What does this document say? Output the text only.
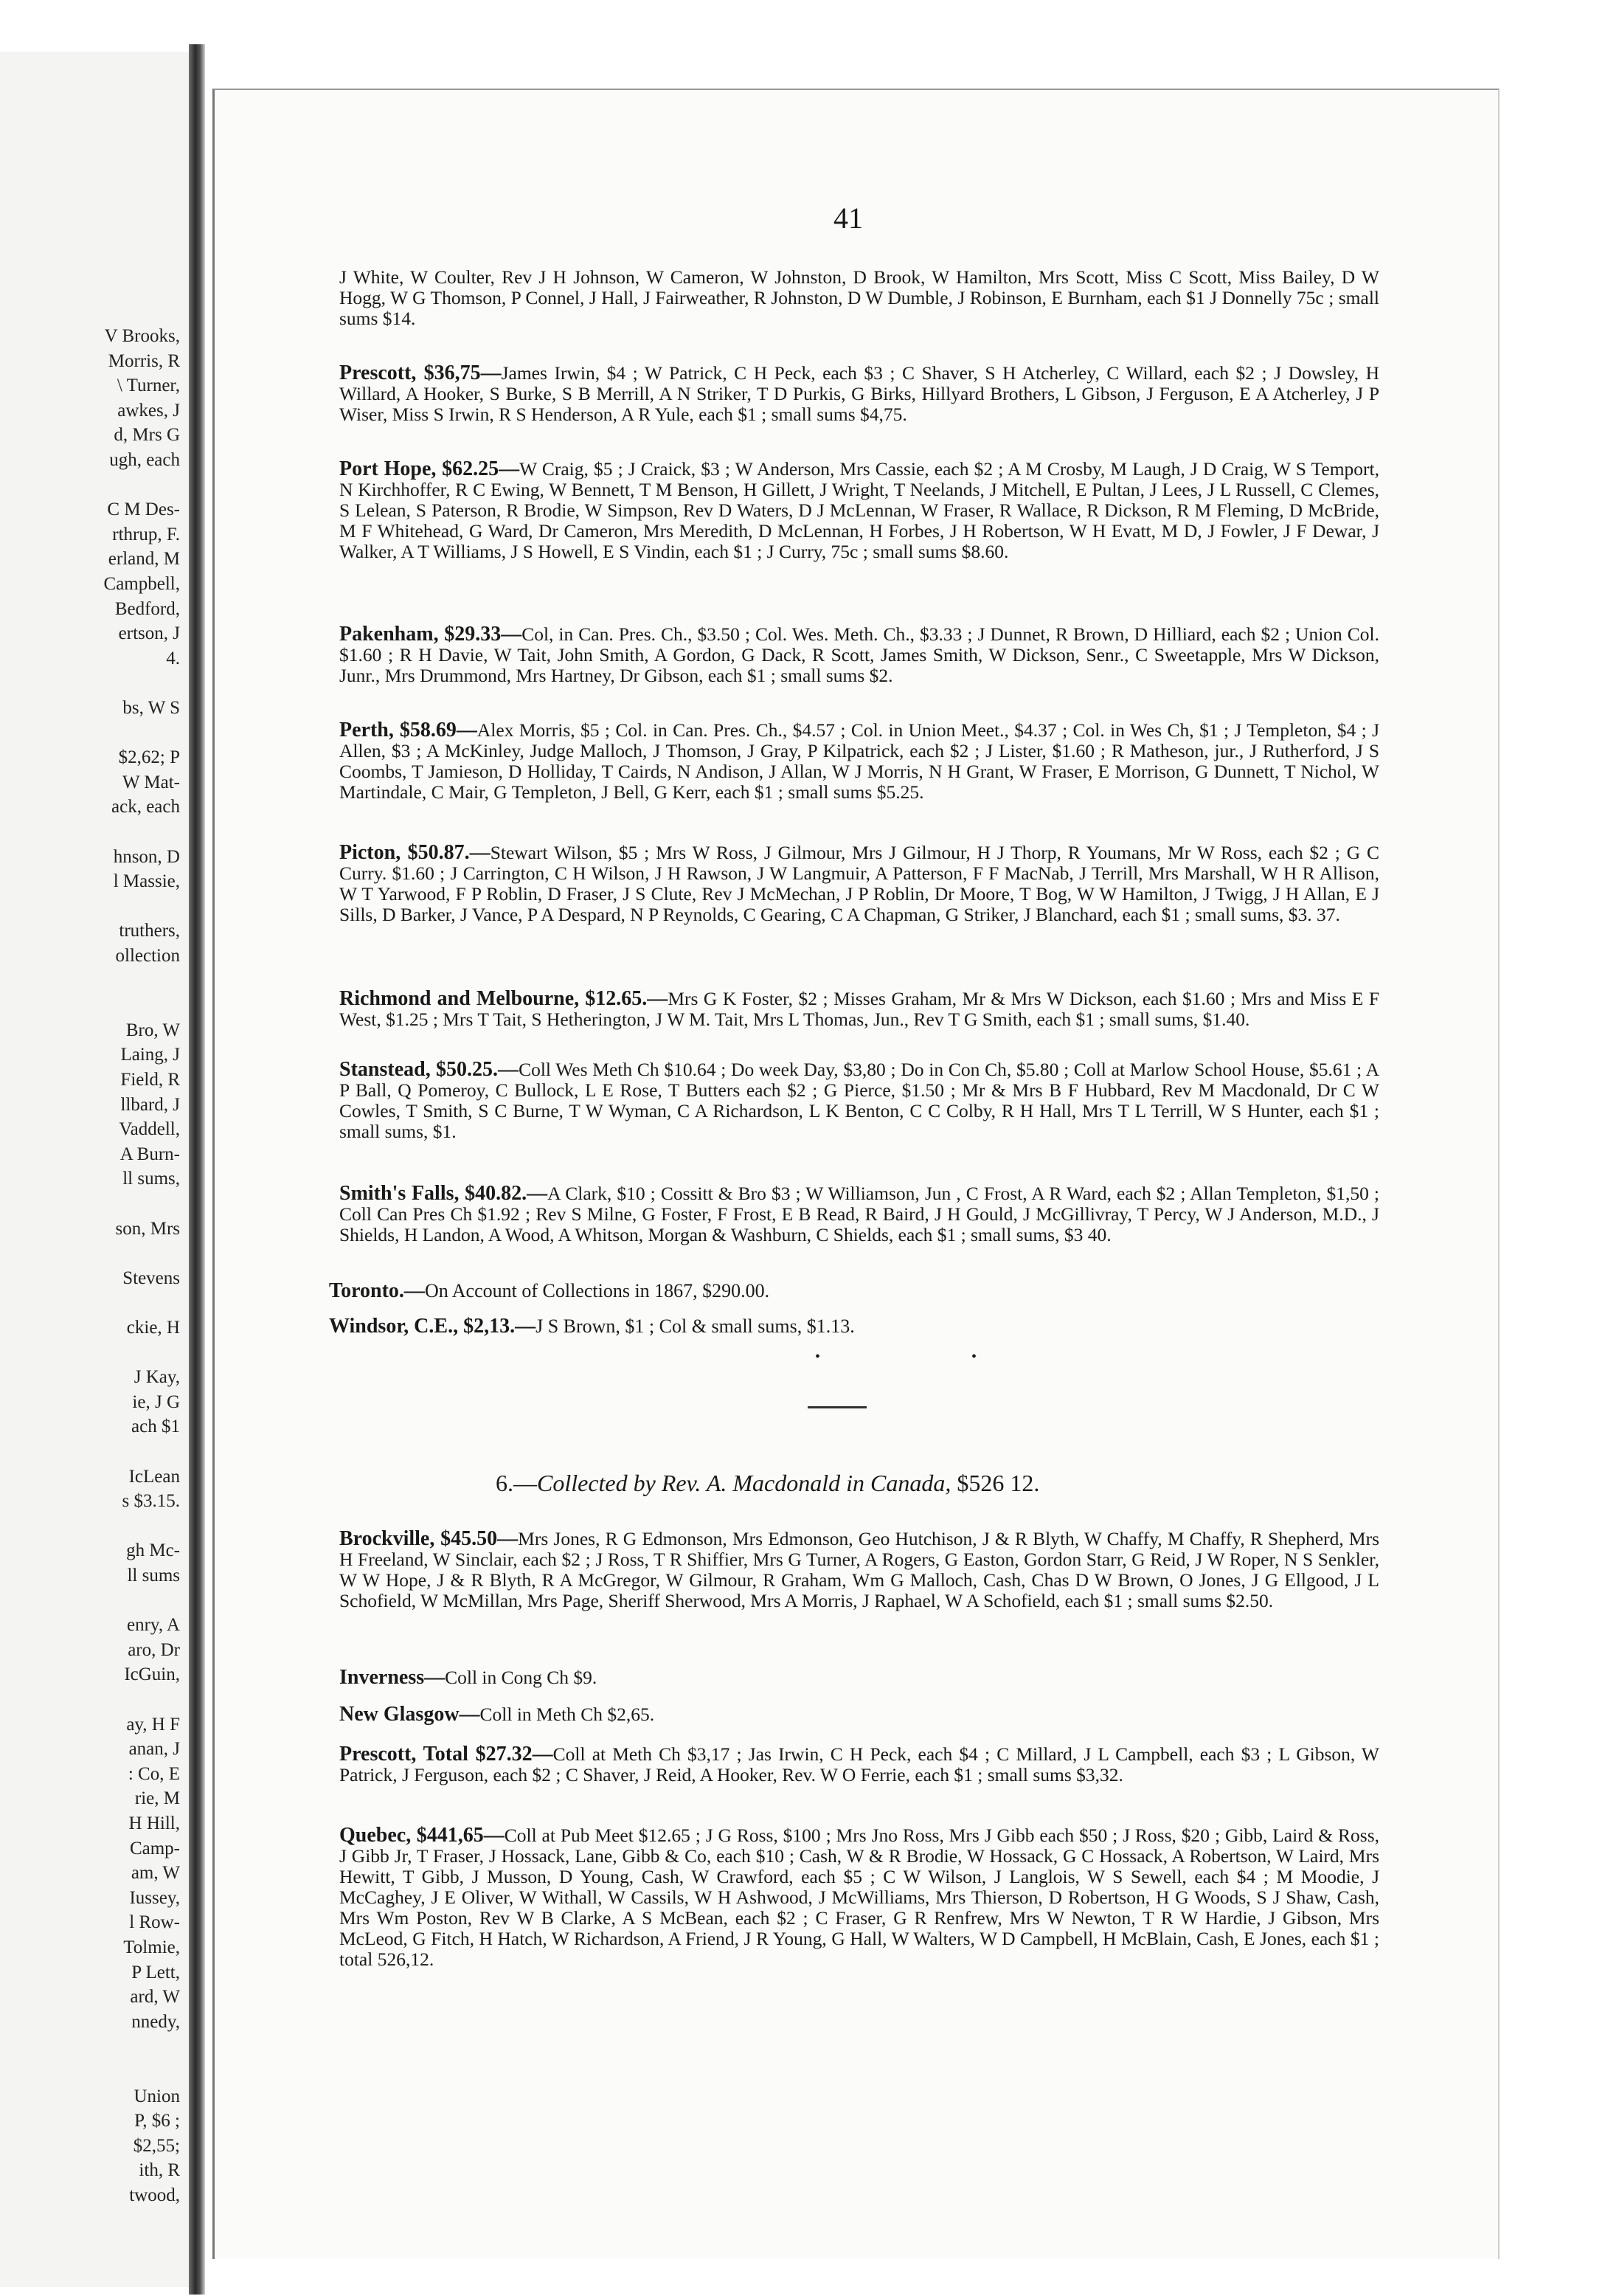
V Brooks,
Morris, R
\ Turner,
awkes, J
d, Mrs G
ugh, each
C M Des-
rthrup, F.
erland, M
Campbell,
Bedford,
ertson, J
4.
bs, W S
$2,62; P
W Mat-
ack, each
hnson, D
l Massie,
truthers,
ollection
Bro, W
Laing, J
Field, R
llbard, J
Vaddell,
A Burn-
ll sums,
son, Mrs
Stevens
ckie, H
J Kay,
ie, J G
ach $1
IcLean
s $3.15.
gh Mc-
ll sums
enry, A
aro, Dr
IcGuin,
ay, H F
anan, J
: Co, E
rie, M
H Hill,
Camp-
am, W
Iussey,
l Row-
Tolmie,
P Lett,
ard, W
nnedy,
Union
P, $6 ;
$2,55;
ith, R
twood,
41
J White, W Coulter, Rev J H Johnson, W Cameron, W Johnston, D Brook, W Hamilton, Mrs Scott, Miss C Scott, Miss Bailey, D W Hogg, W G Thomson, P Connel, J Hall, J Fairweather, R Johnston, D W Dumble, J Robinson, E Burnham, each $1 J Donnelly 75c ; small sums $14.
Prescott, $36,75—James Irwin, $4 ; W Patrick, C H Peck, each $3 ; C Shaver, S H Atcherley, C Willard, each $2 ; J Dowsley, H Willard, A Hooker, S Burke, S B Merrill, A N Striker, T D Purkis, G Birks, Hillyard Brothers, L Gibson, J Ferguson, E A Atcherley, J P Wiser, Miss S Irwin, R S Henderson, A R Yule, each $1 ; small sums $4,75.
Port Hope, $62.25—W Craig, $5 ; J Craick, $3 ; W Anderson, Mrs Cassie, each $2 ; A M Crosby, M Laugh, J D Craig, W S Temport, N Kirchhoffer, R C Ewing, W Bennett, T M Benson, H Gillett, J Wright, T Neelands, J Mitchell, E Pultan, J Lees, J L Russell, C Clemes, S Lelean, S Paterson, R Brodie, W Simpson, Rev D Waters, D J McLennan, W Fraser, R Wallace, R Dickson, R M Fleming, D McBride, M F Whitehead, G Ward, Dr Cameron, Mrs Meredith, D McLennan, H Forbes, J H Robertson, W H Evatt, M D, J Fowler, J F Dewar, J Walker, A T Williams, J S Howell, E S Vindin, each $1 ; J Curry, 75c ; small sums $8.60.
Pakenham, $29.33—Col, in Can. Pres. Ch., $3.50 ; Col. Wes. Meth. Ch., $3.33 ; J Dunnet, R Brown, D Hilliard, each $2 ; Union Col. $1.60 ; R H Davie, W Tait, John Smith, A Gordon, G Dack, R Scott, James Smith, W Dickson, Senr., C Sweetapple, Mrs W Dickson, Junr., Mrs Drummond, Mrs Hartney, Dr Gibson, each $1 ; small sums $2.
Perth, $58.69—Alex Morris, $5 ; Col. in Can. Pres. Ch., $4.57 ; Col. in Union Meet., $4.37 ; Col. in Wes Ch, $1 ; J Templeton, $4 ; J Allen, $3 ; A McKinley, Judge Malloch, J Thomson, J Gray, P Kilpatrick, each $2 ; J Lister, $1.60 ; R Matheson, jur., J Rutherford, J S Coombs, T Jamieson, D Holliday, T Cairds, N Andison, J Allan, W J Morris, N H Grant, W Fraser, E Morrison, G Dunnett, T Nichol, W Martindale, C Mair, G Templeton, J Bell, G Kerr, each $1 ; small sums $5.25.
Picton, $50.87.—Stewart Wilson, $5 ; Mrs W Ross, J Gilmour, Mrs J Gilmour, H J Thorp, R Youmans, Mr W Ross, each $2 ; G C Curry. $1.60 ; J Carrington, C H Wilson, J H Rawson, J W Langmuir, A Patterson, F F MacNab, J Terrill, Mrs Marshall, W H R Allison, W T Yarwood, F P Roblin, D Fraser, J S Clute, Rev J McMechan, J P Roblin, Dr Moore, T Bog, W W Hamilton, J Twigg, J H Allan, E J Sills, D Barker, J Vance, P A Despard, N P Reynolds, C Gearing, C A Chapman, G Striker, J Blanchard, each $1 ; small sums, $3. 37.
Richmond and Melbourne, $12.65.—Mrs G K Foster, $2 ; Misses Graham, Mr & Mrs W Dickson, each $1.60 ; Mrs and Miss E F West, $1.25 ; Mrs T Tait, S Hetherington, J W M. Tait, Mrs L Thomas, Jun., Rev T G Smith, each $1 ; small sums, $1.40.
Stanstead, $50.25.—Coll Wes Meth Ch $10.64 ; Do week Day, $3,80 ; Do in Con Ch, $5.80 ; Coll at Marlow School House, $5.61 ; A P Ball, Q Pomeroy, C Bullock, L E Rose, T Butters each $2 ; G Pierce, $1.50 ; Mr & Mrs B F Hubbard, Rev M Macdonald, Dr C W Cowles, T Smith, S C Burne, T W Wyman, C A Richardson, L K Benton, C C Colby, R H Hall, Mrs T L Terrill, W S Hunter, each $1 ; small sums, $1.
Smith's Falls, $40.82.—A Clark, $10 ; Cossitt & Bro $3 ; W Williamson, Jun , C Frost, A R Ward, each $2 ; Allan Templeton, $1,50 ; Coll Can Pres Ch $1.92 ; Rev S Milne, G Foster, F Frost, E B Read, R Baird, J H Gould, J McGillivray, T Percy, W J Anderson, M.D., J Shields, H Landon, A Wood, A Whitson, Morgan & Washburn, C Shields, each $1 ; small sums, $3 40.
Toronto.—On Account of Collections in 1867, $290.00.
Windsor, C.E., $2,13.—J S Brown, $1 ; Col & small sums, $1.13.
• •
6.—Collected by Rev. A. Macdonald in Canada, $526 12.
Brockville, $45.50—Mrs Jones, R G Edmonson, Mrs Edmonson, Geo Hutchison, J & R Blyth, W Chaffy, M Chaffy, R Shepherd, Mrs H Freeland, W Sinclair, each $2 ; J Ross, T R Shiffier, Mrs G Turner, A Rogers, G Easton, Gordon Starr, G Reid, J W Roper, N S Senkler, W W Hope, J & R Blyth, R A McGregor, W Gilmour, R Graham, Wm G Malloch, Cash, Chas D W Brown, O Jones, J G Ellgood, J L Schofield, W McMillan, Mrs Page, Sheriff Sherwood, Mrs A Morris, J Raphael, W A Schofield, each $1 ; small sums $2.50.
Inverness—Coll in Cong Ch $9.
New Glasgow—Coll in Meth Ch $2,65.
Prescott, Total $27.32—Coll at Meth Ch $3,17 ; Jas Irwin, C H Peck, each $4 ; C Millard, J L Campbell, each $3 ; L Gibson, W Patrick, J Ferguson, each $2 ; C Shaver, J Reid, A Hooker, Rev. W O Ferrie, each $1 ; small sums $3,32.
Quebec, $441,65—Coll at Pub Meet $12.65 ; J G Ross, $100 ; Mrs Jno Ross, Mrs J Gibb each $50 ; J Ross, $20 ; Gibb, Laird & Ross, J Gibb Jr, T Fraser, J Hossack, Lane, Gibb & Co, each $10 ; Cash, W & R Brodie, W Hossack, G C Hossack, A Robertson, W Laird, Mrs Hewitt, T Gibb, J Musson, D Young, Cash, W Crawford, each $5 ; C W Wilson, J Langlois, W S Sewell, each $4 ; M Moodie, J McCaghey, J E Oliver, W Withall, W Cassils, W H Ashwood, J McWilliams, Mrs Thierson, D Robertson, H G Woods, S J Shaw, Cash, Mrs Wm Poston, Rev W B Clarke, A S McBean, each $2 ; C Fraser, G R Renfrew, Mrs W Newton, T R W Hardie, J Gibson, Mrs McLeod, G Fitch, H Hatch, W Richardson, A Friend, J R Young, G Hall, W Walters, W D Campbell, H McBlain, Cash, E Jones, each $1 ; total 526,12.
